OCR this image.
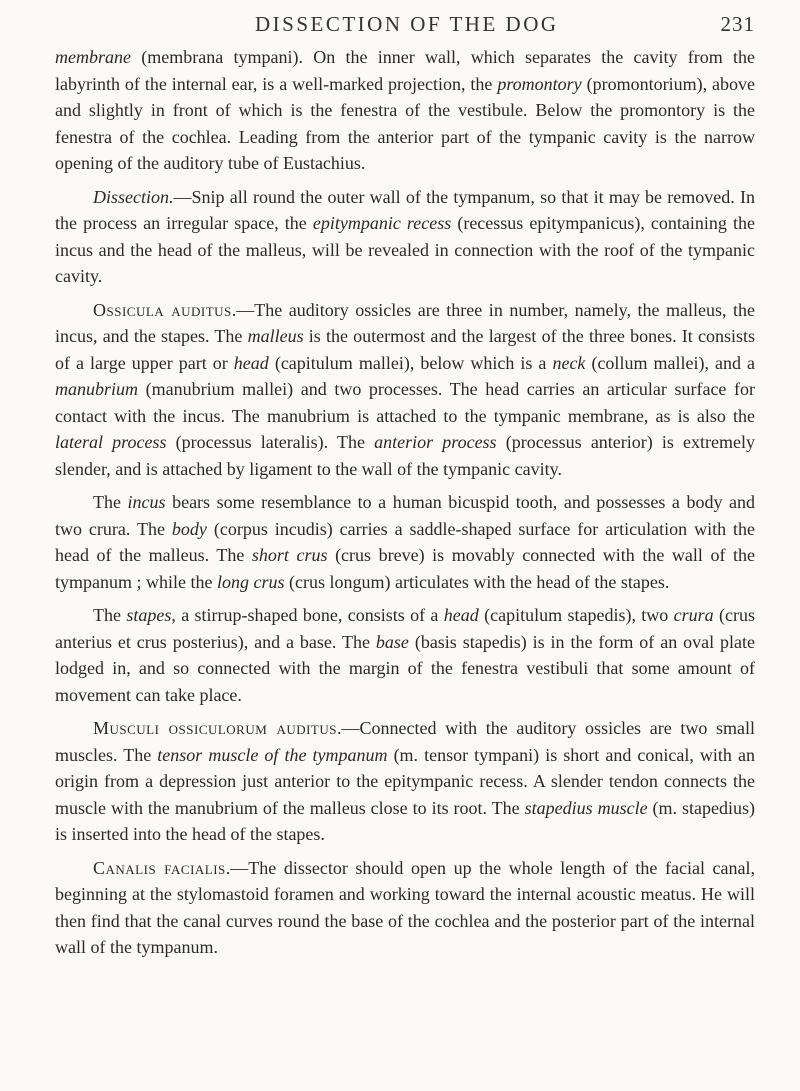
DISSECTION OF THE DOG	231

membrane (membrana tympani). On the inner wall, which separates the cavity from the labyrinth of the internal ear, is a well-marked projection, the promontory (promontorium), above and slightly in front of which is the fenestra of the vestibule. Below the promontory is the fenestra of the cochlea. Leading from the anterior part of the tympanic cavity is the narrow opening of the auditory tube of Eustachius.

Dissection.—Snip all round the outer wall of the tympanum, so that it may be removed. In the process an irregular space, the epitympanic recess (recessus epitympanicus), containing the incus and the head of the malleus, will be revealed in connection with the roof of the tympanic cavity.

Ossicula auditus.—The auditory ossicles are three in number, namely, the malleus, the incus, and the stapes. The malleus is the outermost and the largest of the three bones. It consists of a large upper part or head (capitulum mallei), below which is a neck (collum mallei), and a manubrium (manubrium mallei) and two processes. The head carries an articular surface for contact with the incus. The manubrium is attached to the tympanic membrane, as is also the lateral process (processus lateralis). The anterior process (processus anterior) is extremely slender, and is attached by ligament to the wall of the tympanic cavity.

The incus bears some resemblance to a human bicuspid tooth, and possesses a body and two crura. The body (corpus incudis) carries a saddle-shaped surface for articulation with the head of the malleus. The short crus (crus breve) is movably connected with the wall of the tympanum ; while the long crus (crus longum) articulates with the head of the stapes.

The stapes, a stirrup-shaped bone, consists of a head (capitulum stapedis), two crura (crus anterius et crus posterius), and a base. The base (basis stapedis) is in the form of an oval plate lodged in, and so connected with the margin of the fenestra vestibuli that some amount of movement can take place.

Musculi ossiculorum auditus.—Connected with the auditory ossicles are two small muscles. The tensor muscle of the tympanum (m. tensor tympani) is short and conical, with an origin from a depression just anterior to the epitympanic recess. A slender tendon connects the muscle with the manubrium of the malleus close to its root. The stapedius muscle (m. stapedius) is inserted into the head of the stapes.

Canalis facialis.—The dissector should open up the whole length of the facial canal, beginning at the stylomastoid foramen and working toward the internal acoustic meatus. He will then find that the canal curves round the base of the cochlea and the posterior part of the internal wall of the tympanum.
